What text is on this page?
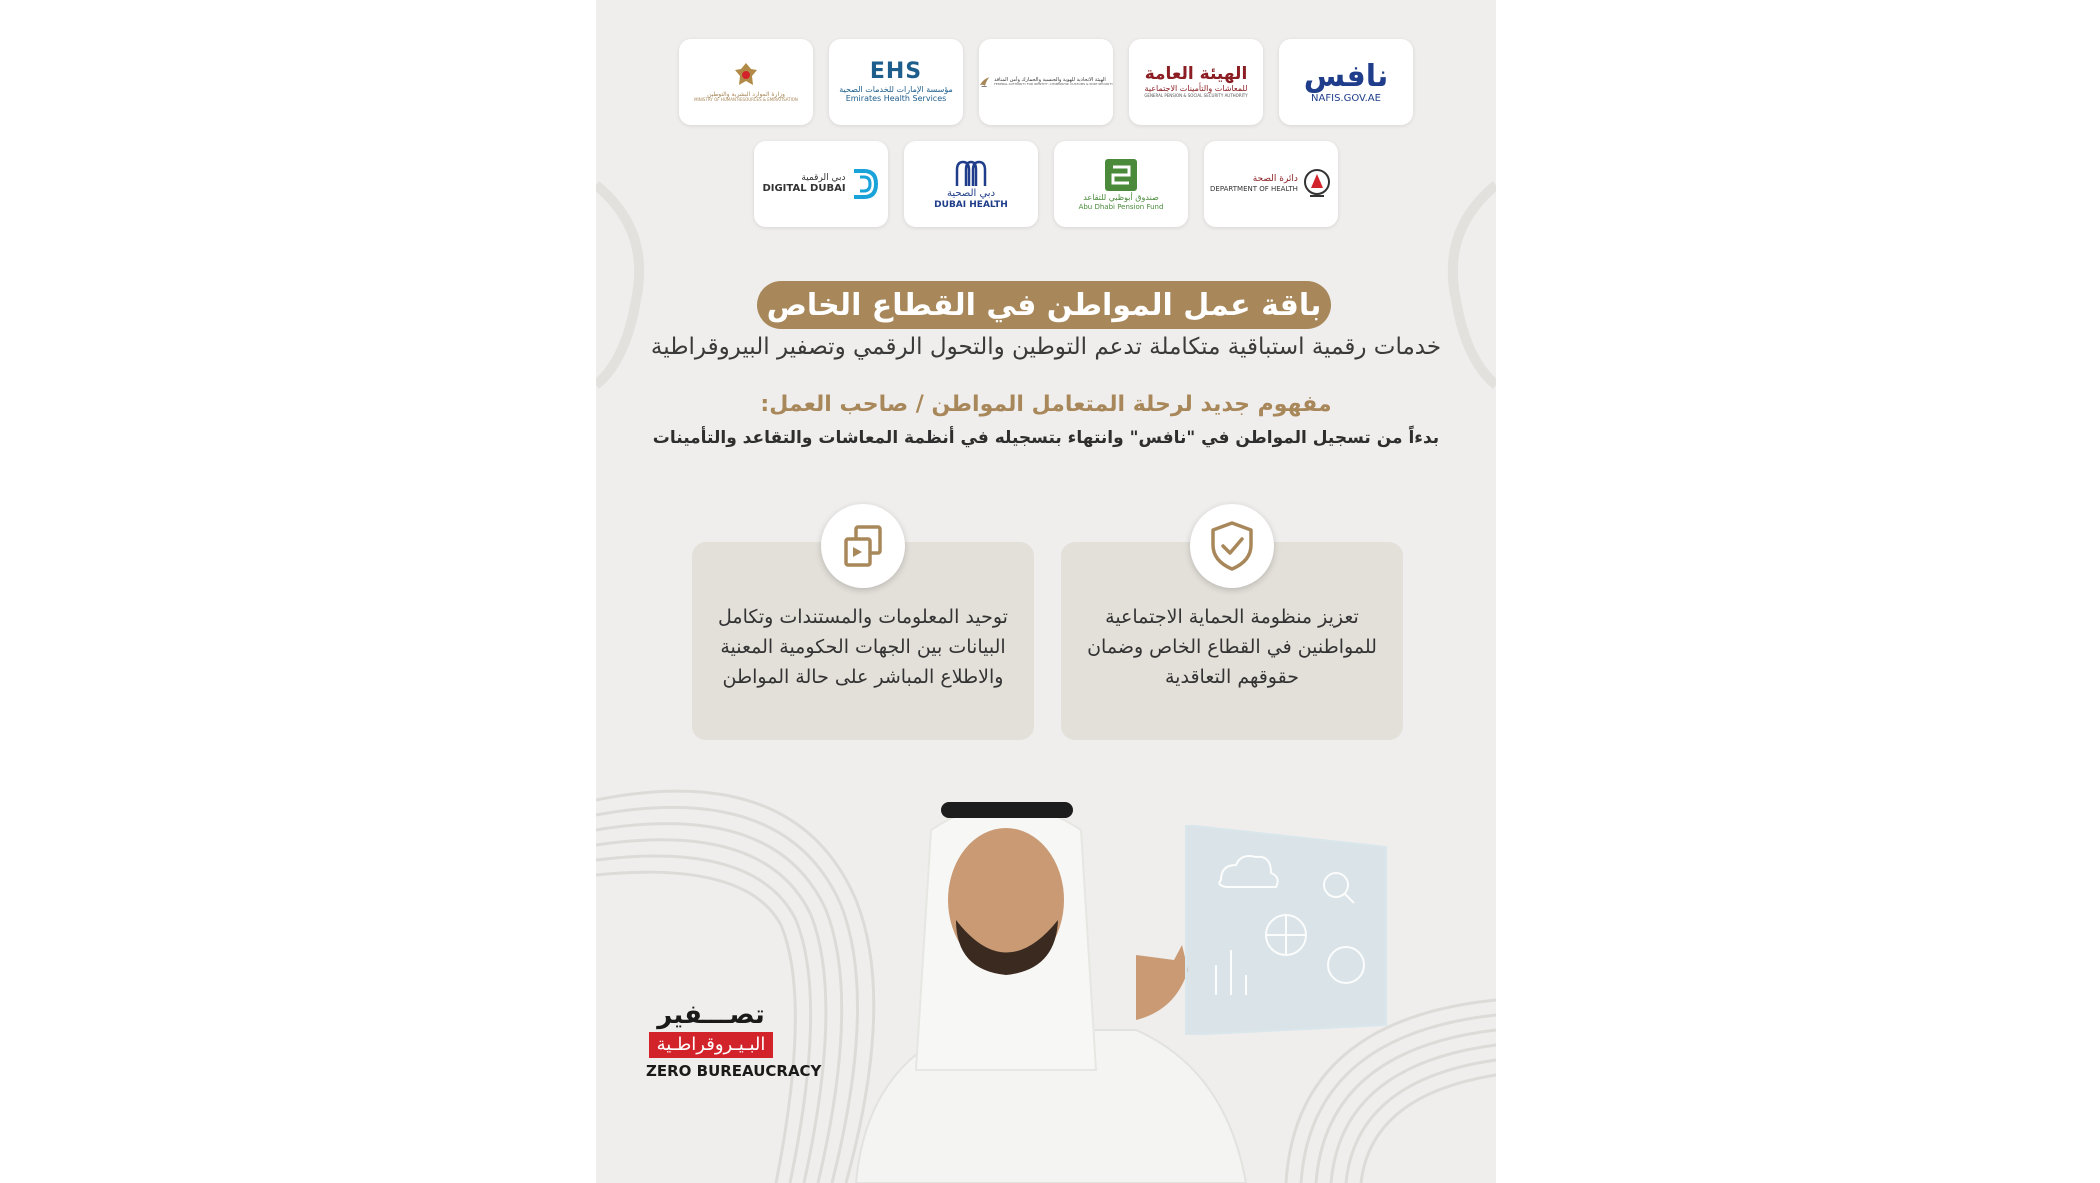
نافس
NAFIS.GOV.AE
الهيئة العامة
للمعاشات والتأمينات الاجتماعية
GENERAL PENSION & SOCIAL SECURITY AUTHORITY
الهيئة الاتحادية للهوية والجنسية والجمارك وأمن المنافذ
FEDERAL AUTHORITY FOR IDENTITY, CITIZENSHIP, CUSTOMS & PORT SECURITY
EHS
مؤسسة الإمارات للخدمات الصحية
Emirates Health Services
وزارة الموارد البشرية والتوطين
MINISTRY OF HUMAN RESOURCES & EMIRATISATION
دائرة الصحة
DEPARTMENT OF HEALTH
صندوق أبوظبي للتقاعد
Abu Dhabi Pension Fund
دبي الصحية
DUBAI HEALTH
دبي الرقمية
DIGITAL DUBAI
باقة عمل المواطن في القطاع الخاص
خدمات رقمية استباقية متكاملة تدعم التوطين والتحول الرقمي وتصفير البيروقراطية
مفهوم جديد لرحلة المتعامل المواطن / صاحب العمل:
بدءاً من تسجيل المواطن في "نافس" وانتهاء بتسجيله في أنظمة المعاشات والتقاعد والتأمينات
تعزيز منظومة الحماية الاجتماعية للمواطنين في القطاع الخاص وضمان حقوقهم التعاقدية
توحيد المعلومات والمستندات وتكامل البيانات بين الجهات الحكومية المعنية والاطلاع المباشر على حالة المواطن
تصـــفير
البـيـروقراطـية
ZERO BUREAUCRACY
